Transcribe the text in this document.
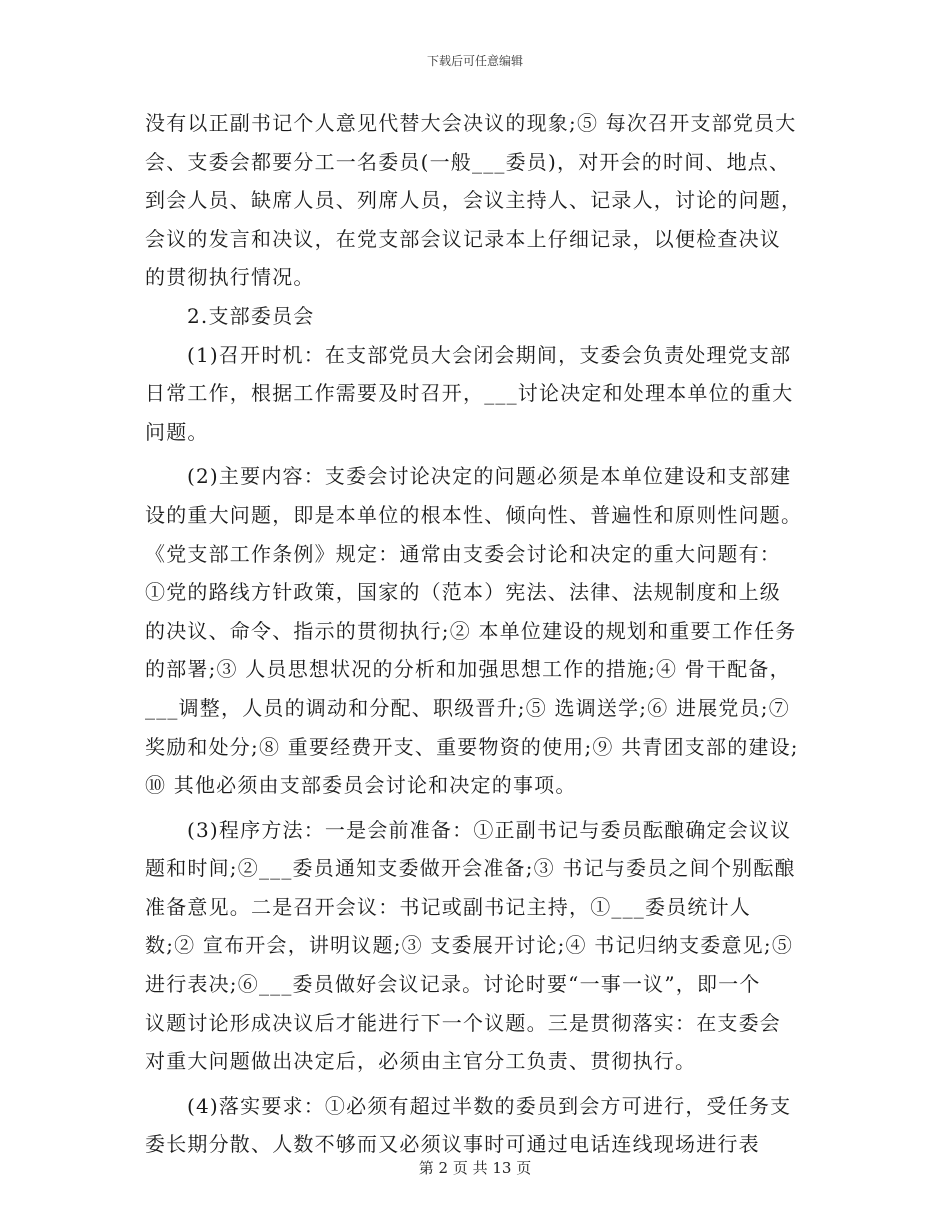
下载后可任意编辑
没有以正副书记个人意见代替大会决议的现象;⑤ 每次召开支部党员大
会、支委会都要分工一名委员(一般___委员)，对开会的时间、地点、
到会人员、缺席人员、列席人员，会议主持人、记录人，讨论的问题，
会议的发言和决议，在党支部会议记录本上仔细记录，以便检查决议
的贯彻执行情况。
2.支部委员会
(1)召开时机：在支部党员大会闭会期间，支委会负责处理党支部
日常工作，根据工作需要及时召开，___讨论决定和处理本单位的重大
问题。
(2)主要内容：支委会讨论决定的问题必须是本单位建设和支部建
设的重大问题，即是本单位的根本性、倾向性、普遍性和原则性问题。
《党支部工作条例》规定：通常由支委会讨论和决定的重大问题有：
①党的路线方针政策，国家的（范本）宪法、法律、法规制度和上级
的决议、命令、指示的贯彻执行;② 本单位建设的规划和重要工作任务
的部署;③ 人员思想状况的分析和加强思想工作的措施;④ 骨干配备，
___调整，人员的调动和分配、职级晋升;⑤ 选调送学;⑥ 进展党员;⑦
奖励和处分;⑧ 重要经费开支、重要物资的使用;⑨ 共青团支部的建设;
⑩ 其他必须由支部委员会讨论和决定的事项。
(3)程序方法：一是会前准备：①正副书记与委员酝酿确定会议议
题和时间;②___委员通知支委做开会准备;③ 书记与委员之间个别酝酿
准备意见。二是召开会议：书记或副书记主持，①___委员统计人
数;② 宣布开会，讲明议题;③ 支委展开讨论;④ 书记归纳支委意见;⑤
进行表决;⑥___委员做好会议记录。讨论时要“一事一议”，即一个
议题讨论形成决议后才能进行下一个议题。三是贯彻落实：在支委会
对重大问题做出决定后，必须由主官分工负责、贯彻执行。
(4)落实要求：①必须有超过半数的委员到会方可进行，受任务支
委长期分散、人数不够而又必须议事时可通过电话连线现场进行表
第 2 页 共 13 页
